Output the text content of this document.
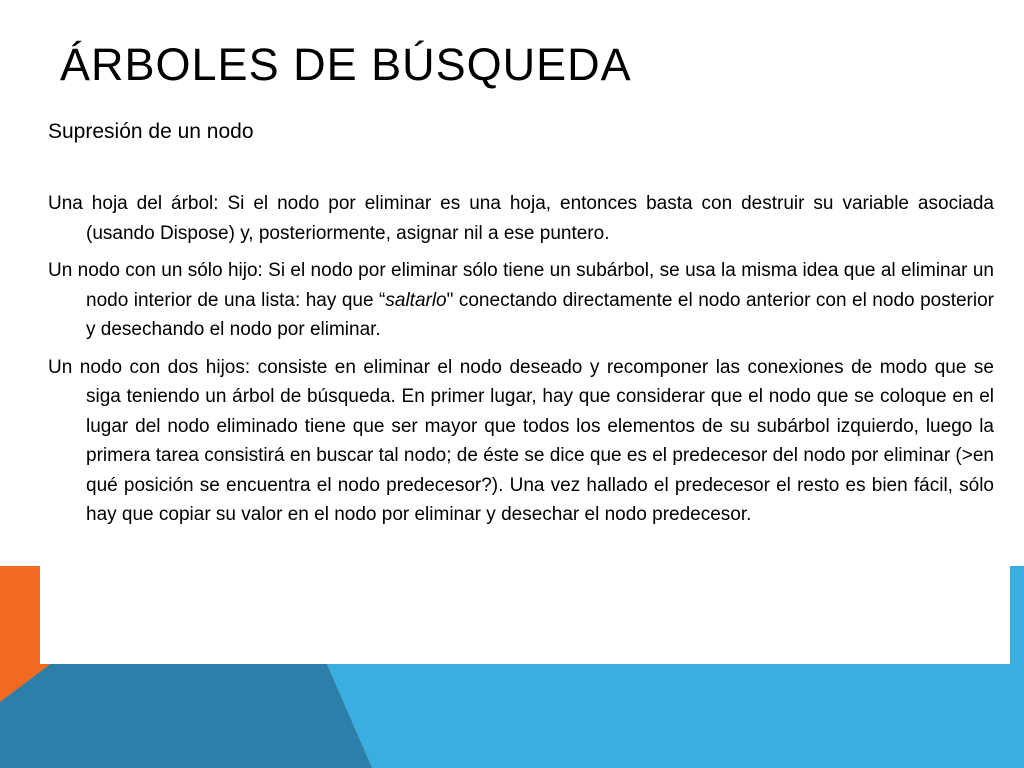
ÁRBOLES DE BÚSQUEDA

Supresión de un nodo

Una hoja del árbol: Si el nodo por eliminar es una hoja, entonces basta con destruir su variable asociada (usando Dispose) y, posteriormente, asignar nil a ese puntero.

Un nodo con un sólo hijo: Si el nodo por eliminar sólo tiene un subárbol, se usa la misma idea que al eliminar un nodo interior de una lista: hay que “saltarlo" conectando directamente el nodo anterior con el nodo posterior y desechando el nodo por eliminar.

Un nodo con dos hijos: consiste en eliminar el nodo deseado y recomponer las conexiones de modo que se siga teniendo un árbol de búsqueda. En primer lugar, hay que considerar que el nodo que se coloque en el lugar del nodo eliminado tiene que ser mayor que todos los elementos de su subárbol izquierdo, luego la primera tarea consistirá en buscar tal nodo; de éste se dice que es el predecesor del nodo por eliminar (>en qué posición se encuentra el nodo predecesor?). Una vez hallado el predecesor el resto es bien fácil, sólo hay que copiar su valor en el nodo por eliminar y desechar el nodo predecesor.
